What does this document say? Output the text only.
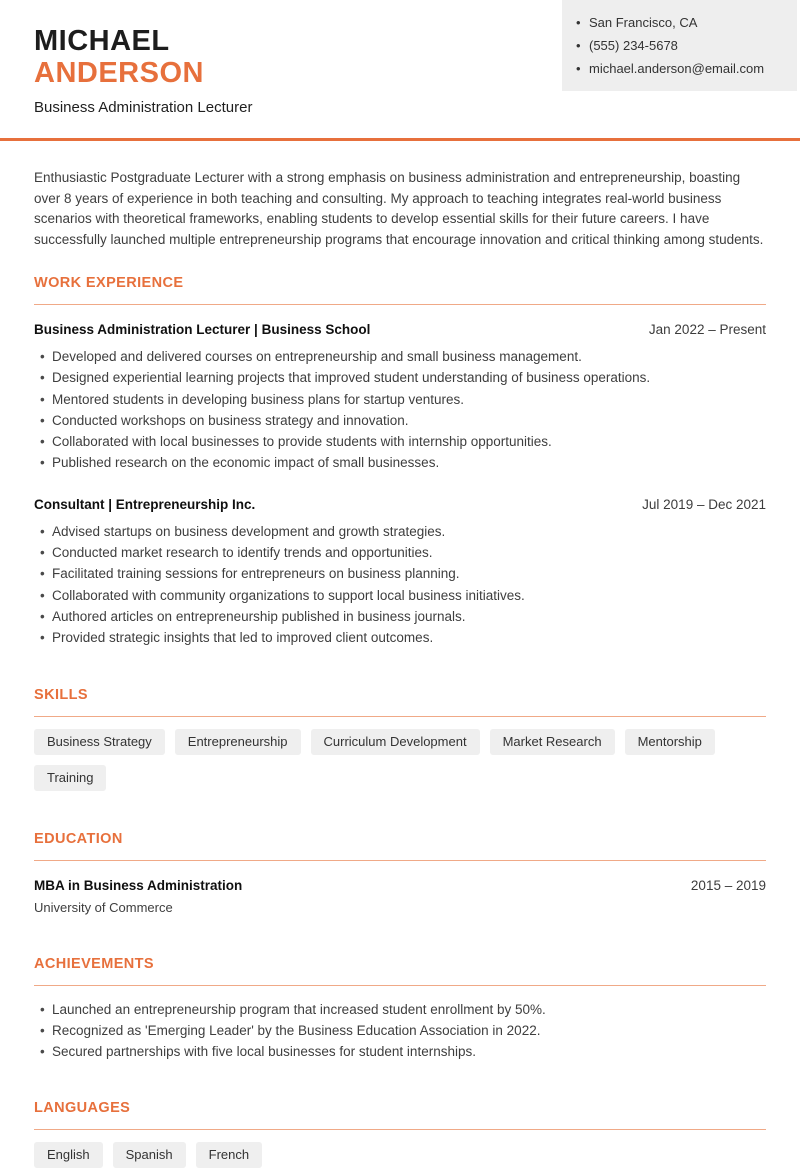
MICHAEL
ANDERSON

Business Administration Lecturer

• San Francisco, CA
• (555) 234-5678
• michael.anderson@email.com

Enthusiastic Postgraduate Lecturer with a strong emphasis on business administration and entrepreneurship, boasting over 8 years of experience in both teaching and consulting. My approach to teaching integrates real-world business scenarios with theoretical frameworks, enabling students to develop essential skills for their future careers. I have successfully launched multiple entrepreneurship programs that encourage innovation and critical thinking among students.

WORK EXPERIENCE
Business Administration Lecturer | Business School	Jan 2022 – Present
• Developed and delivered courses on entrepreneurship and small business management.
• Designed experiential learning projects that improved student understanding of business operations.
• Mentored students in developing business plans for startup ventures.
• Conducted workshops on business strategy and innovation.
• Collaborated with local businesses to provide students with internship opportunities.
• Published research on the economic impact of small businesses.
Consultant | Entrepreneurship Inc.	Jul 2019 – Dec 2021
• Advised startups on business development and growth strategies.
• Conducted market research to identify trends and opportunities.
• Facilitated training sessions for entrepreneurs on business planning.
• Collaborated with community organizations to support local business initiatives.
• Authored articles on entrepreneurship published in business journals.
• Provided strategic insights that led to improved client outcomes.
SKILLS
Business Strategy	Entrepreneurship	Curriculum Development	Market Research	Mentorship
Training
EDUCATION
MBA in Business Administration	2015 – 2019
University of Commerce
ACHIEVEMENTS
• Launched an entrepreneurship program that increased student enrollment by 50%.
• Recognized as 'Emerging Leader' by the Business Education Association in 2022.
• Secured partnerships with five local businesses for student internships.
LANGUAGES
English	Spanish	French
